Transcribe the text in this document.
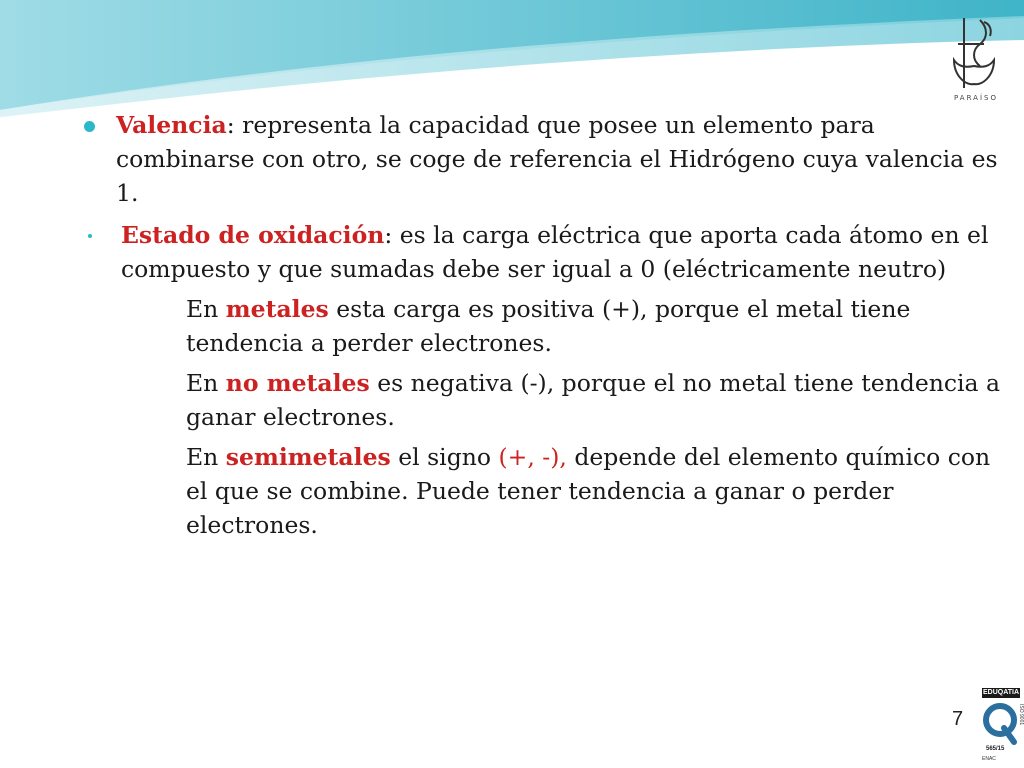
PARAÍSO
Valencia: representa la capacidad que posee un elemento para combinarse con otro, se coge de referencia el Hidrógeno cuya valencia es 1.
Estado de oxidación: es la carga eléctrica que aporta cada átomo en el compuesto y que sumadas debe ser igual a 0 (eléctricamente neutro)
En metales esta carga es positiva (+), porque el metal tiene tendencia a perder electrones.
En no metales es negativa (-), porque el no metal tiene tendencia a ganar electrones.
En semimetales el signo (+, -), depende del elemento químico con el que se combine. Puede tener tendencia a ganar o perder electrones.
7
EDUQATIA
ISO 9001
565/15
ENAC
